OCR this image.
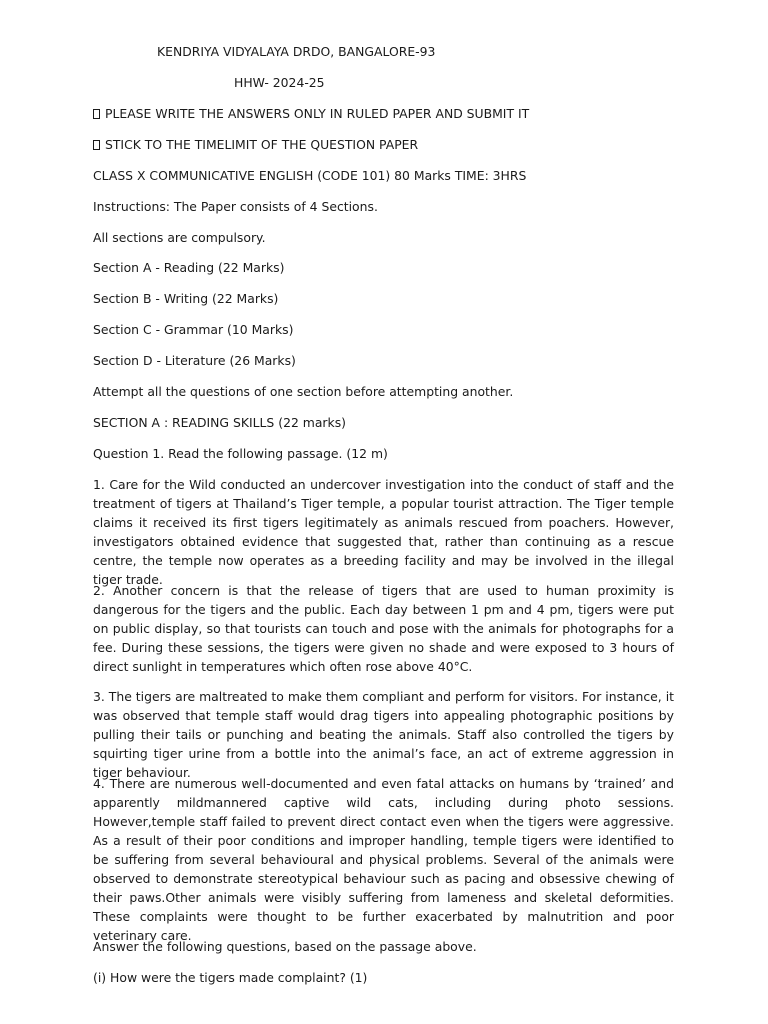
KENDRIYA VIDYALAYA DRDO, BANGALORE-93
HHW- 2024-25
PLEASE WRITE THE ANSWERS ONLY IN RULED PAPER AND SUBMIT IT
STICK TO THE TIMELIMIT OF THE QUESTION PAPER
CLASS X COMMUNICATIVE ENGLISH (CODE 101) 80 Marks TIME: 3HRS
Instructions: The Paper consists of 4 Sections.
All sections are compulsory.
Section A - Reading (22 Marks)
Section B - Writing (22 Marks)
Section C - Grammar (10 Marks)
Section D - Literature (26 Marks)
Attempt all the questions of one section before attempting another.
SECTION A : READING SKILLS (22 marks)
Question 1. Read the following passage. (12 m)
1. Care for the Wild conducted an undercover investigation into the conduct of staff and the treatment of tigers at Thailand’s Tiger temple, a popular tourist attraction. The Tiger temple claims it received its first tigers legitimately as animals rescued from poachers. However, investigators obtained evidence that suggested that, rather than continuing as a rescue centre, the temple now operates as a breeding facility and may be involved in the illegal tiger trade.
2. Another concern is that the release of tigers that are used to human proximity is dangerous for the tigers and the public. Each day between 1 pm and 4 pm, tigers were put on public display, so that tourists can touch and pose with the animals for photographs for a fee. During these sessions, the tigers were given no shade and were exposed to 3 hours of direct sunlight in temperatures which often rose above 40°C.
3. The tigers are maltreated to make them compliant and perform for visitors. For instance, it was observed that temple staff would drag tigers into appealing photographic positions by pulling their tails or punching and beating the animals. Staff also controlled the tigers by squirting tiger urine from a bottle into the animal’s face, an act of extreme aggression in tiger behaviour.
4. There are numerous well-documented and even fatal attacks on humans by ‘trained’ and apparently mildmannered captive wild cats, including during photo sessions. However,temple staff failed to prevent direct contact even when the tigers were aggressive. As a result of their poor conditions and improper handling, temple tigers were identified to be suffering from several behavioural and physical problems. Several of the animals were observed to demonstrate stereotypical behaviour such as pacing and obsessive chewing of their paws.Other animals were visibly suffering from lameness and skeletal deformities. These complaints were thought to be further exacerbated by malnutrition and poor veterinary care.
Answer the following questions, based on the passage above.
(i) How were the tigers made complaint? (1)
